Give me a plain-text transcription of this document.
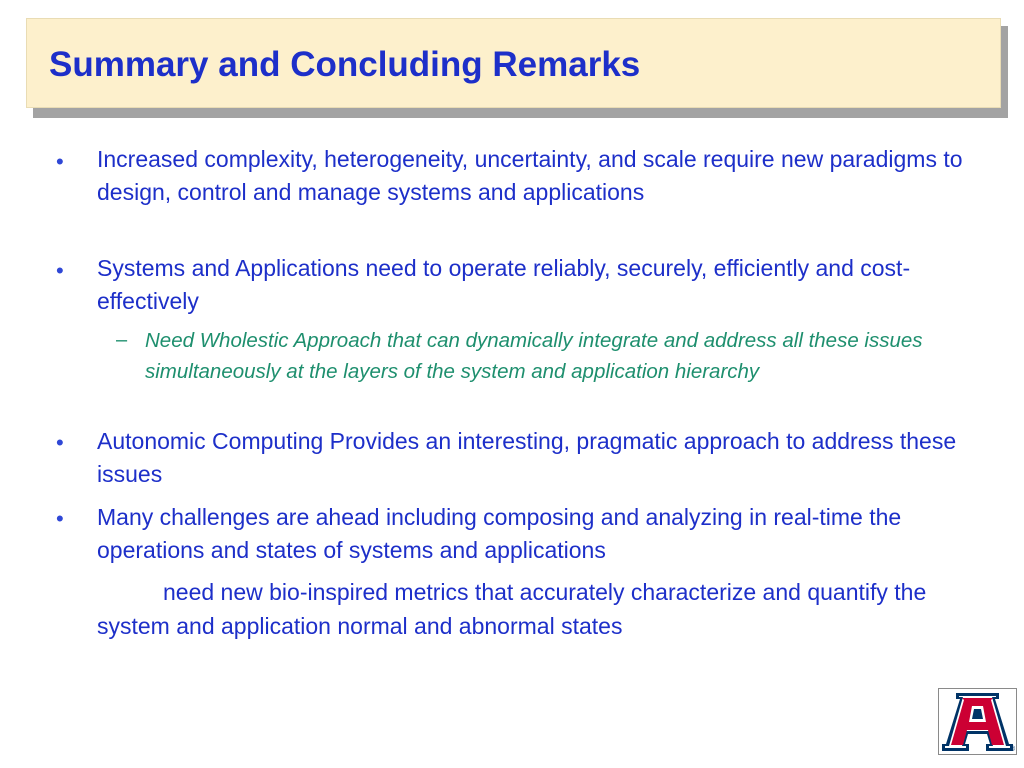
Summary and Concluding Remarks
• Increased complexity, heterogeneity, uncertainty, and scale require new paradigms to design, control and manage systems and applications
• Systems and Applications need to operate reliably, securely, efficiently and cost-effectively
– Need Wholestic Approach that can dynamically integrate and address all these issues simultaneously at the layers of the system and application hierarchy
• Autonomic Computing Provides an interesting, pragmatic approach to address these issues
• Many challenges are ahead including composing and analyzing in real-time the operations and states of systems and applications
need new bio-inspired metrics that accurately characterize and quantify the system and application normal and abnormal states
®
